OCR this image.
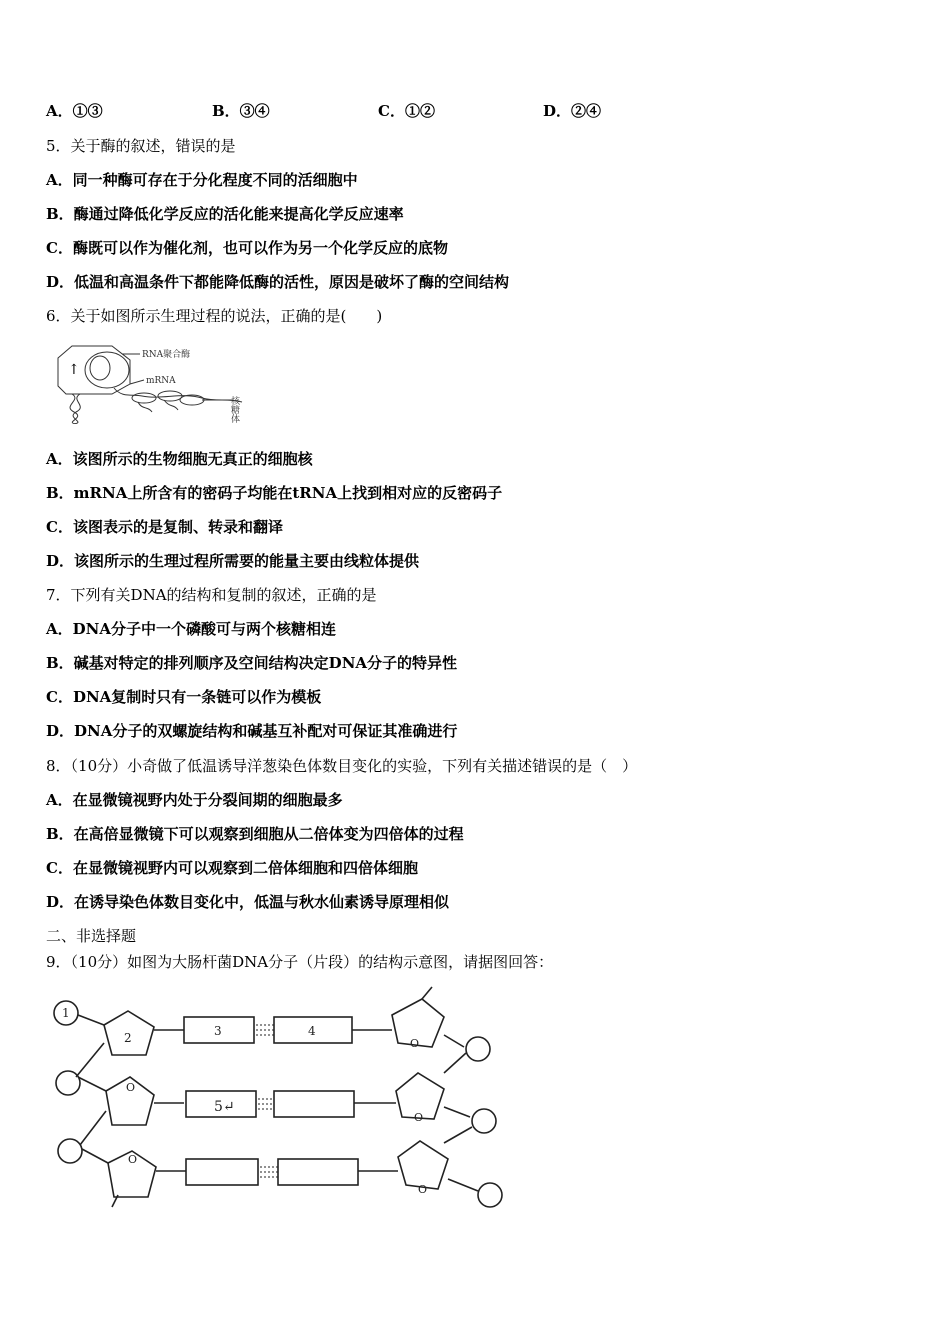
A．①③	B．③④	C．①②	D．②④
5．关于酶的叙述，错误的是
A．同一种酶可存在于分化程度不同的活细胞中
B．酶通过降低化学反应的活化能来提高化学反应速率
C．酶既可以作为催化剂，也可以作为另一个化学反应的底物
D．低温和高温条件下都能降低酶的活性，原因是破坏了酶的空间结构
6．关于如图所示生理过程的说法，正确的是(　　)
↑
RNA聚合酶
mRNA
核糖体
A．该图所示的生物细胞无真正的细胞核
B．mRNA上所含有的密码子均能在tRNA上找到相对应的反密码子
C．该图表示的是复制、转录和翻译
D．该图所示的生理过程所需要的能量主要由线粒体提供
7．下列有关DNA的结构和复制的叙述，正确的是
A．DNA分子中一个磷酸可与两个核糖相连
B．碱基对特定的排列顺序及空间结构决定DNA分子的特异性
C．DNA复制时只有一条链可以作为模板
D．DNA分子的双螺旋结构和碱基互补配对可保证其准确进行
8．（10分）小奇做了低温诱导洋葱染色体数目变化的实验，下列有关描述错误的是（　）
A．在显微镜视野内处于分裂间期的细胞最多
B．在高倍显微镜下可以观察到细胞从二倍体变为四倍体的过程
C．在显微镜视野内可以观察到二倍体细胞和四倍体细胞
D．在诱导染色体数目变化中，低温与秋水仙素诱导原理相似
二、非选择题
9．（10分）如图为大肠杆菌DNA分子（片段）的结构示意图，请据图回答：
1
2	3	4
5↵
O
O
O
O
O
